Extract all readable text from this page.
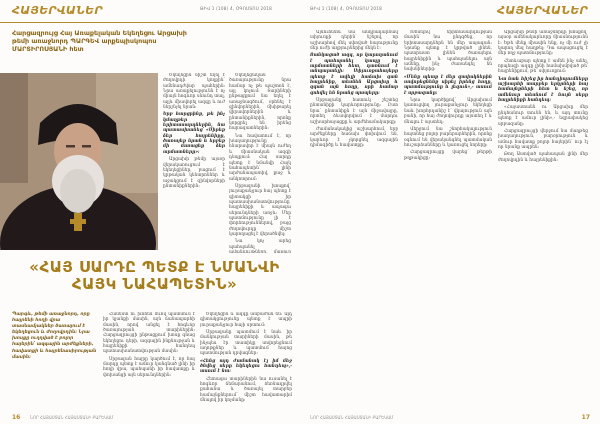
ՀԱՅԵՐՎԱՆԵՐ	ԹԻՎ 1 (108) 4, ՕԳՈՍՏՈՍ 2018
Հարցազրույց Հայ Առաքելական Եկեղեցու Արցախի թեմի առաջնորդ ՊԱՐԳԵՎ արքեպիսկոպոս ՄԱՐՏԻՐՈՍՅԱՆԻ հետ

Եկեղեցին միշտ եղել է ժողովրդի կողքին՝ ամենադժվար պահերին: Նրա առաքելությունն է ոչ միայն հոգևոր սնունդ տալ, այլև միավորել ազգը և ուժ ներշնչել նրան:

Երբ հարցրինք, թե ինչ կմաղթեր երիտասարդներին, նա պատասխանեց՝ «Սիրեք ձեր հայրենիքը, ծառայեք նրան և երբեք մի մոռացեք ձեր արմատները»:

Արցախի թեմը այսօր վերակառուցում է եկեղեցիներ, բացում է կրթական կենտրոններ և աջակցում է զինվորների ընտանիքներին:

Եկեղեցական ծառայությունը նրա համար ոչ թե պաշտոն է, այլ կոչում: Տարիների ընթացքում նա եղել է առաջնագծում, օրհնել է զինվորներին, մխիթարել վիրավորներին և ընտանիքներին, որոնք կորցրել են իրենց հարազատներին:

Նա հավատում է, որ խաղաղությունը հնարավոր է միայն ուժեղ և միասնական ազգի դեպքում: Հայ սարդը պետք է նմանվի Հայկ նահապետին՝ լինի արժանապատիվ, քաջ և անկոտրում:

Սրբազանի խոսքով՝ յուրաքանչյուր հայ պետք է գիտակցի իր պատասխանատվությունը հայրենիքի և ապագա սերունդների առջև: Մեր պատմությունը լի է փորձություններով, բայց ժողովուրդը միշտ կարողացել է վերածնվել:

Նա կոչ արեց պահպանել ավանդույթները, մաքուր

«ՀԱՅ ՍԱՐԴԸ ՊԵՏՔ Է ՆՄԱՆՎԻ ՀԱՅԿ ՆԱՀԱՊԵՏԻՆ»
Պարգև, թեմի առաջնորդ, որը հայրենի հողի վրա տասնամյակներ ծառայում է եկեղեցուն և ժողովրդին: Նրա խոսքը ուղղված է բոլոր հայերին՝ ազգային արժեքների, հավատքի և հայրենասիրության մասին:

Համեստ ու խոհեմ ձևով պատմում է իր կյանքի մասին, այն ճանապարհի մասին, որով անցել է հոգևոր ծառայության տարիներին: Հարցազրույցի ընթացքում խոսք գնաց եկեղեցու դերի, ազգային ինքնության և հայրենիքի հանդեպ պատասխանատվության մասին:

Սրբազան հայրը կարծում է, որ հայ մարդը պետք է ամուր կանգնած լինի իր հողի վրա, պահպանի իր հավատքը և փոխանցի այն սերունդներին:

Եկեղեցին և ազգը անբաժան են: Այդ գիտակցությունը պետք է ապրի յուրաքանչյուր հայի սրտում:

Սրբազանը պատմում է նաև իր մանկության տարիների մասին, թե ինչպես էր տատիկը սովորեցնում աղոթքներ և պատմում հայոց պատմության դրվագներ:

«Հենց այդ ժամանակ էլ իմ մեջ ծնվեց սերը եկեղեցու հանդեպ»,- ասում է նա:

Հետագա տարիներին նա ուսանել է հոգևոր ճեմարանում, ձեռնադրվել քահանա և ծառայել տարբեր համայնքներում՝ միշտ հավատարիմ մնալով իր կոչմանը:

16 ՆՈՐ ՀԱՅԱՍՏԱՆ ՀԱՅԱՍՏԱՆԻ ԲԱՐԵԿԱՄ
ԹԻՎ 1 (108) 4, ՕԳՈՍՏՈՍ 2018	ՀԱՅԵՐՎԱՆԵՐ

Այնուհետև նա անդրադարձավ սփյուռքի դերին՝ նշելով, որ աշխարհով մեկ սփռված հայությունը մեր ուժի աղբյուրներից մեկն է:

Ցանկացած ազգ, որ կարողանում է պահպանել կապը իր արմատների հետ, դառնում է անպարտելի: Սփյուռքահայերը պետք է ավելի հաճախ գան հայրենիք, տեսնեն Արցախը և զգան այն հողը, որի համար զոհվել են նրանց պապերը:

Սրբազանը հատուկ շեշտեց ընտանիքի կարևորությունը: Ըստ նրա՝ ընտանիքն է այն միջավայրը, որտեղ ձևավորվում է մարդու աշխարհայացքը և արժեհամակարգը:

Ժամանակակից աշխարհում, երբ արժեքները հաճախ փոխվում են, կարևոր է չկորցնել ազգային դիմագիծը և հավատքը:

Խոսելով երիտասարդության մասին՝ նա ընդգծեց, որ երիտասարդներն են մեր ապագան: Նրանք պետք է կրթված լինեն, պատրաստ լինեն ծառայելու հայրենիքին և պահպանելու այն ամենը, ինչ ժառանգել են նախնիներից:

«Մենք պետք է մեր զավակներին սովորեցնենք սիրել իրենց հողը, պատմությունը և լեզուն»,- ասում է սրբազանը:

Նրա կարծիքով՝ Արցախում կառուցվող յուրաքանչյուր եկեղեցի նաև խորհրդանիշ է՝ վկայություն այն բանի, որ հայ ժողովուրդը այստեղ է և մնալու է այստեղ:

Վերջում նա շնորհակալություն հայտնեց բոլոր բարերարներին, որոնք օգնում են վերականգնել պատմական հուշարձանները և կառուցել նորերը:

Հարցազրույցը վարեց՝ թերթի թղթակիցը:

Արցախի թեմի առաջնորդի խոսքով՝ այսօր ամենակարևորը միասնությունն է: Եթե մենք միասին ենք, ոչ մի ուժ չի կարող մեզ հաղթել: Դա ապացուցել է մեր ողջ պատմությունը:

Հետևաբար պետք է ամեն ինչ անել, որպեսզի ազգը լինի համախմբված թե՛ հայրենիքում, թե՛ սփյուռքում:

Նա նաև հիշեց իր հանդիպումները աշխարհի տարբեր երկրների հայ համայնքների հետ և նշեց, որ ամենուր տեսնում է նույն սերը հայրենիքի հանդեպ:

«Հայաստանն ու Արցախը մեր ընդհանուր տունն են, և այդ տունը պետք է ամուր լինի»,- եզրափակեց սրբազանը:

Հարցազրույցի վերջում նա մաղթեց խաղաղություն, բարօրություն և ամուր հավատք բոլոր հայերին՝ ուր էլ որ նրանք ապրեն:

Թող Աստված պահապան լինի մեր ժողովրդին և հայրենիքին:

ՆՈՐ ՀԱՅԱՍՏԱՆ ՀԱՅԱՍՏԱՆԻ ԲԱՐԵԿԱՄ	17
